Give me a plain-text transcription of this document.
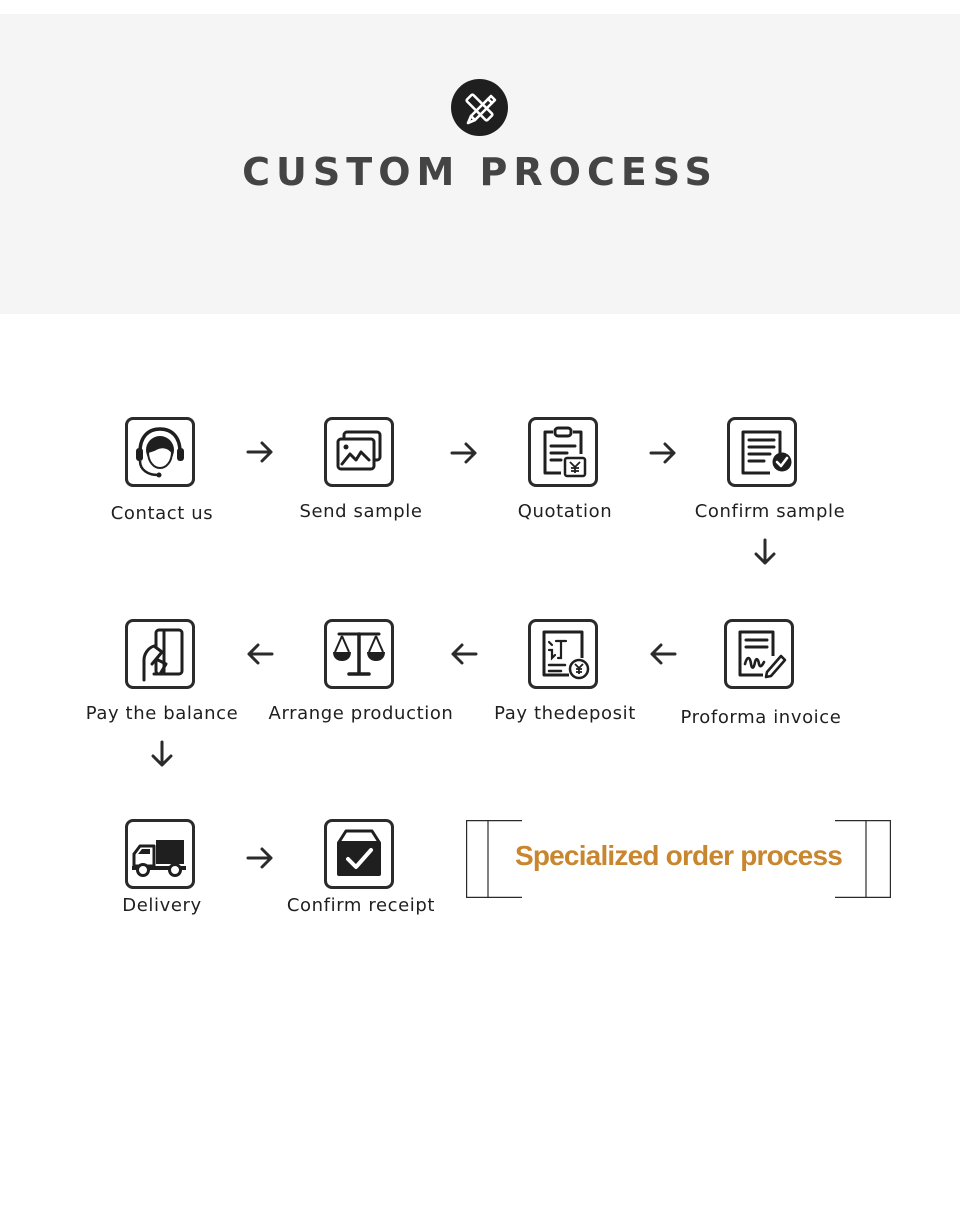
CUSTOM PROCESS
Contact us	Send sample	Quotation	Confirm sample
Pay the balance	Arrange production	Pay thedeposit	Proforma invoice
Delivery	Confirm receipt
Specialized order process
